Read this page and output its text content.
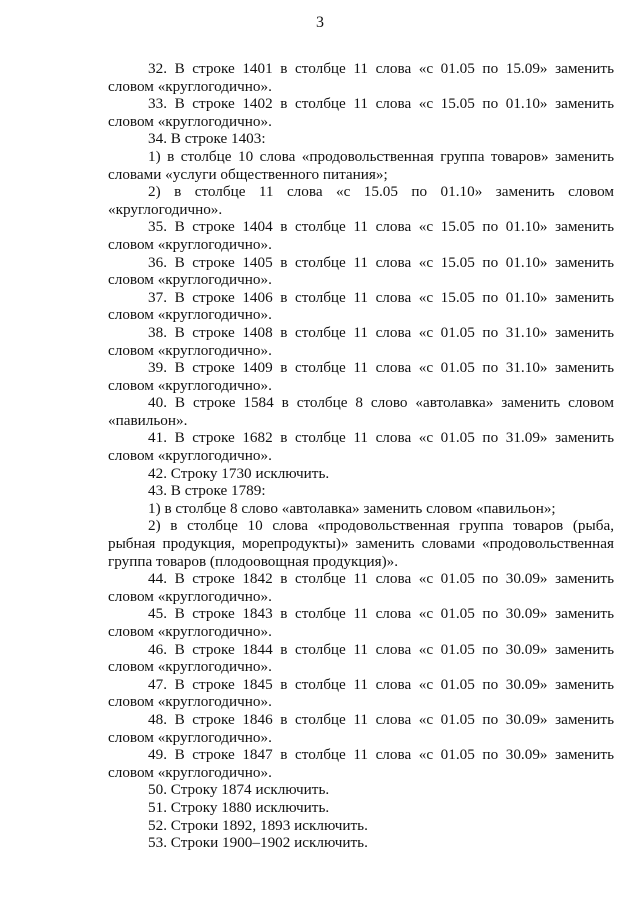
3

32. В строке 1401 в столбце 11 слова «с 01.05 по 15.09» заменить словом «круглогодично».

33. В строке 1402 в столбце 11 слова «с 15.05 по 01.10» заменить словом «круглогодично».

34. В строке 1403:

1) в столбце 10 слова «продовольственная группа товаров» заменить словами «услуги общественного питания»;

2) в столбце 11 слова «с 15.05 по 01.10» заменить словом «круглогодично».

35. В строке 1404 в столбце 11 слова «с 15.05 по 01.10» заменить словом «круглогодично».

36. В строке 1405 в столбце 11 слова «с 15.05 по 01.10» заменить словом «круглогодично».

37. В строке 1406 в столбце 11 слова «с 15.05 по 01.10» заменить словом «круглогодично».

38. В строке 1408 в столбце 11 слова «с 01.05 по 31.10» заменить словом «круглогодично».

39. В строке 1409 в столбце 11 слова «с 01.05 по 31.10» заменить словом «круглогодично».

40. В строке 1584 в столбце 8 слово «автолавка» заменить словом «павильон».

41. В строке 1682 в столбце 11 слова «с 01.05 по 31.09» заменить словом «круглогодично».

42. Строку 1730 исключить.

43. В строке 1789:

1) в столбце 8 слово «автолавка» заменить словом «павильон»;

2) в столбце 10 слова «продовольственная группа товаров (рыба, рыбная продукция, морепродукты)» заменить словами «продовольственная группа товаров (плодоовощная продукция)».

44. В строке 1842 в столбце 11 слова «с 01.05 по 30.09» заменить словом «круглогодично».

45. В строке 1843 в столбце 11 слова «с 01.05 по 30.09» заменить словом «круглогодично».

46. В строке 1844 в столбце 11 слова «с 01.05 по 30.09» заменить словом «круглогодично».

47. В строке 1845 в столбце 11 слова «с 01.05 по 30.09» заменить словом «круглогодично».

48. В строке 1846 в столбце 11 слова «с 01.05 по 30.09» заменить словом «круглогодично».

49. В строке 1847 в столбце 11 слова «с 01.05 по 30.09» заменить словом «круглогодично».

50. Строку 1874 исключить.

51. Строку 1880 исключить.

52. Строки 1892, 1893 исключить.

53. Строки 1900–1902 исключить.
